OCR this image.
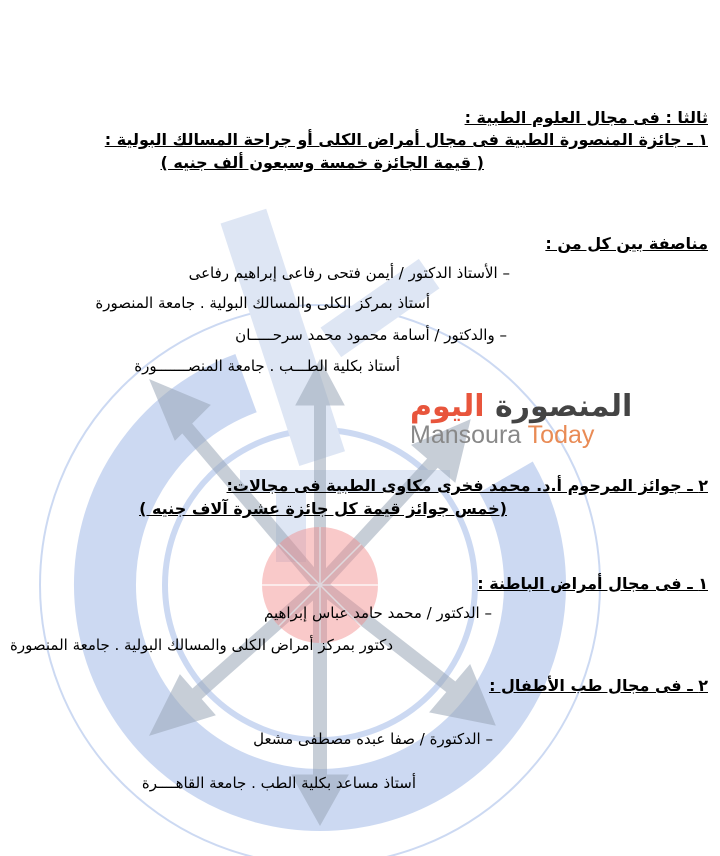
المنصورة اليوم
Mansoura Today
ثالثا : فى مجال العلوم الطبية :
١ ـ جائزة المنصورة الطبية فى مجال أمراض الكلى أو جراحة المسالك البولية :
( قيمة الجائزة خمسة وسبعون ألف جنيه )
مناصفة بين كل من :
– الأستاذ الدكتور / أيمن فتحى رفاعى إبراهيم رفاعى
أستاذ بمركز الكلى والمسالك البولية . جامعة المنصورة
– والدكتور / أسامة محمود محمد سرحـــــان
أستاذ بكلية الطـــب . جامعة المنصـــــــورة
٢ ـ جوائز المرحوم أ.د. محمد فخرى مكاوى الطبية فى مجالات:
(خمس جوائز قيمة كل جائزة عشرة آلاف جنيه )
١ ـ فى مجال أمراض الباطنة :
– الدكتور / محمد حامد عباس إبراهيم
دكتور بمركز أمراض الكلى والمسالك البولية . جامعة المنصورة
٢ ـ فى مجال طب الأطفال :
– الدكتورة / صفا عبده مصطفى مشعل
أستاذ مساعد بكلية الطب . جامعة القاهــــرة
